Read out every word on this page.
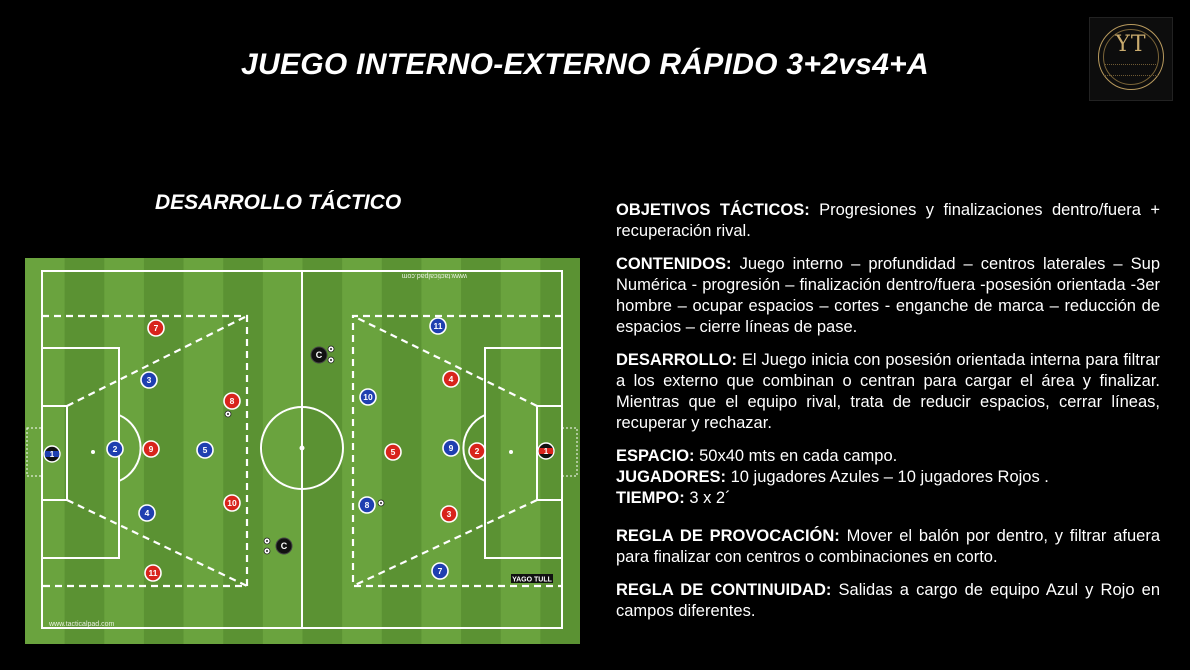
JUEGO INTERNO-EXTERNO RÁPIDO 3+2vs4+A
YT
DESARROLLO TÁCTICO
www.tacticalpad.com
www.tacticalpad.com
YAGO TULL
C
C
7
3
8
2	9	5
4
10
11
11
4
10
5	9	2
8
3
7
1	1

OBJETIVOS TÁCTICOS: Progresiones y finalizaciones dentro/fuera + recuperación rival.

CONTENIDOS: Juego interno – profundidad – centros laterales – Sup Numérica - progresión – finalización dentro/fuera -posesión orientada -3er hombre – ocupar espacios – cortes - enganche de marca – reducción de espacios – cierre líneas de pase.

DESARROLLO: El Juego inicia con posesión orientada interna para filtrar a los externo que combinan o centran para cargar el área y finalizar. Mientras que el equipo rival, trata de reducir espacios, cerrar líneas, recuperar y rechazar.

ESPACIO: 50x40 mts en cada campo.

JUGADORES: 10 jugadores Azules – 10 jugadores Rojos .

TIEMPO: 3 x 2´

REGLA DE PROVOCACIÓN: Mover el balón por dentro, y filtrar afuera para finalizar con centros o combinaciones en corto.

REGLA DE CONTINUIDAD: Salidas a cargo de equipo Azul y Rojo en campos diferentes.
